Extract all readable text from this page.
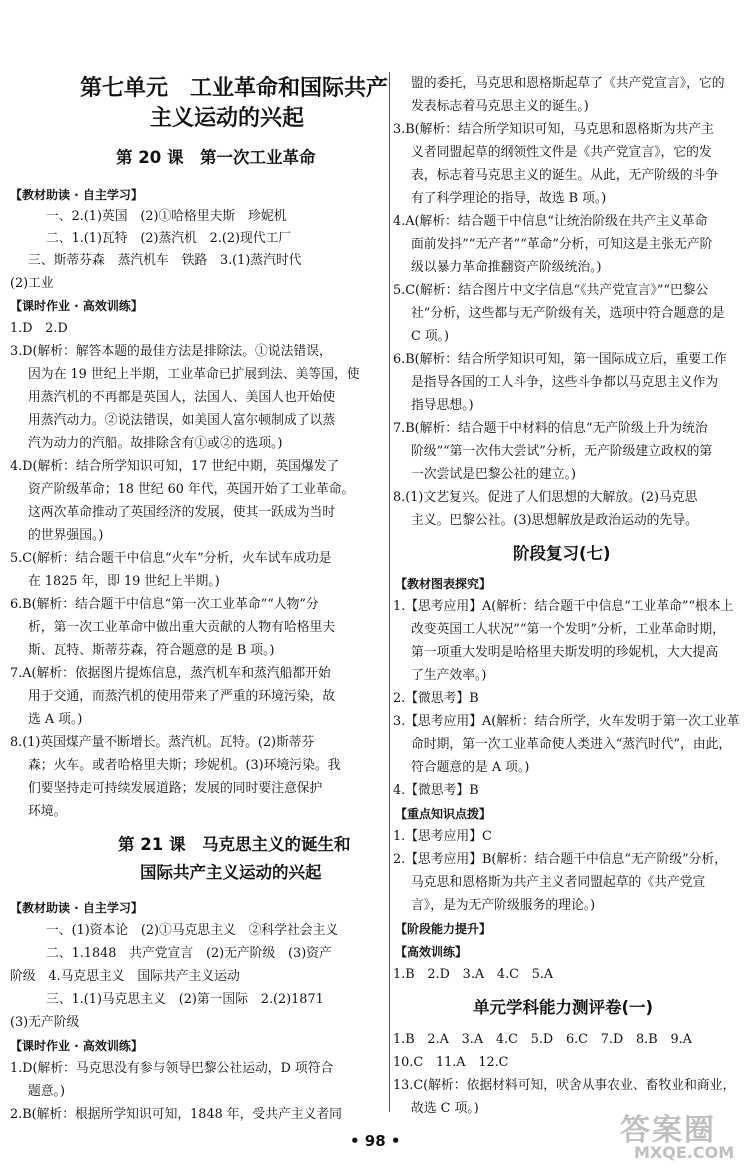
第七单元　工业革命和国际共产
主义运动的兴起
第 20 课　第一次工业革命
【教材助读 · 自主学习】
一、2.(1)英国　(2)①哈格里夫斯　珍妮机
二、1.(1)瓦特　(2)蒸汽机　2.(2)现代工厂
三、斯蒂芬森　蒸汽机车　铁路　3.(1)蒸汽时代
(2)工业
【课时作业 · 高效训练】
1.D　2.D
3.D(解析：解答本题的最佳方法是排除法。①说法错误，
因为在 19 世纪上半期，工业革命已扩展到法、美等国，使
用蒸汽机的不再都是英国人，法国人、美国人也开始使
用蒸汽动力。②说法错误，如美国人富尔顿制成了以蒸
汽为动力的汽船。故排除含有①或②的选项。)
4.D(解析：结合所学知识可知，17 世纪中期，英国爆发了
资产阶级革命；18 世纪 60 年代，英国开始了工业革命。
这两次革命推动了英国经济的发展，使其一跃成为当时
的世界强国。)
5.C(解析：结合题干中信息“火车”分析，火车试车成功是
在 1825 年，即 19 世纪上半期。)
6.B(解析：结合题干中信息“第一次工业革命”“人物”分
析，第一次工业革命中做出重大贡献的人物有哈格里夫
斯、瓦特、斯蒂芬森，符合题意的是 B 项。)
7.A(解析：依据图片提炼信息，蒸汽机车和蒸汽船都开始
用于交通，而蒸汽机的使用带来了严重的环境污染，故
选 A 项。)
8.(1)英国煤产量不断增长。蒸汽机。瓦特。(2)斯蒂芬
森；火车。或者哈格里夫斯；珍妮机。(3)环境污染。我
们要坚持走可持续发展道路；发展的同时要注意保护
环境。
第 21 课　马克思主义的诞生和
国际共产主义运动的兴起
【教材助读 · 自主学习】
一、(1)资本论　(2)①马克思主义　②科学社会主义
二、1.1848　共产党宣言　(2)无产阶级　(3)资产
阶级　4.马克思主义　国际共产主义运动
三、1.(1)马克思主义　(2)第一国际　2.(2)1871
(3)无产阶级
【课时作业 · 高效训练】
1.D(解析：马克思没有参与领导巴黎公社运动，D 项符合
题意。)
2.B(解析：根据所学知识可知，1848 年，受共产主义者同
盟的委托，马克思和恩格斯起草了《共产党宣言》，它的
发表标志着马克思主义的诞生。)
3.B(解析：结合所学知识可知，马克思和恩格斯为共产主
义者同盟起草的纲领性文件是《共产党宣言》，它的发
表，标志着马克思主义的诞生。从此，无产阶级的斗争
有了科学理论的指导，故选 B 项。)
4.A(解析：结合题干中信息“让统治阶级在共产主义革命
面前发抖”“无产者”“革命”分析，可知这是主张无产阶
级以暴力革命推翻资产阶级统治。)
5.C(解析：结合图片中文字信息“《共产党宣言》”“巴黎公
社”分析，这些都与无产阶级有关，选项中符合题意的是
C 项。)
6.B(解析：结合所学知识可知，第一国际成立后，重要工作
是指导各国的工人斗争，这些斗争都以马克思主义作为
指导思想。)
7.B(解析：结合题干中材料的信息“无产阶级上升为统治
阶级”“第一次伟大尝试”分析，无产阶级建立政权的第
一次尝试是巴黎公社的建立。)
8.(1)文艺复兴。促进了人们思想的大解放。(2)马克思
主义。巴黎公社。(3)思想解放是政治运动的先导。
阶段复习(七)
【教材图表探究】
1.【思考应用】A(解析：结合题干中信息“工业革命”“根本上
改变英国工人状况”“第一个发明”分析，工业革命时期，
第一项重大发明是哈格里夫斯发明的珍妮机，大大提高
了生产效率。)
2.【微思考】B
3.【思考应用】A(解析：结合所学，火车发明于第一次工业革
命时期，第一次工业革命使人类进入“蒸汽时代”，由此，
符合题意的是 A 项。)
4.【微思考】B
【重点知识点拨】
1.【思考应用】C
2.【思考应用】B(解析：结合题干中信息“无产阶级”分析，
马克思和恩格斯为共产主义者同盟起草的《共产党宣
言》，是为无产阶级服务的理论。)
【阶段能力提升】
【高效训练】
1.B　2.D　3.A　4.C　5.A
单元学科能力测评卷(一)
1.B　2.A　3.A　4.C　5.D　6.C　7.D　8.B　9.A
10.C　11.A　12.C
13.C(解析：依据材料可知，吠舍从事农业、畜牧业和商业，
故选 C 项。)
• 98 •	答案圈
MXQE.COM
